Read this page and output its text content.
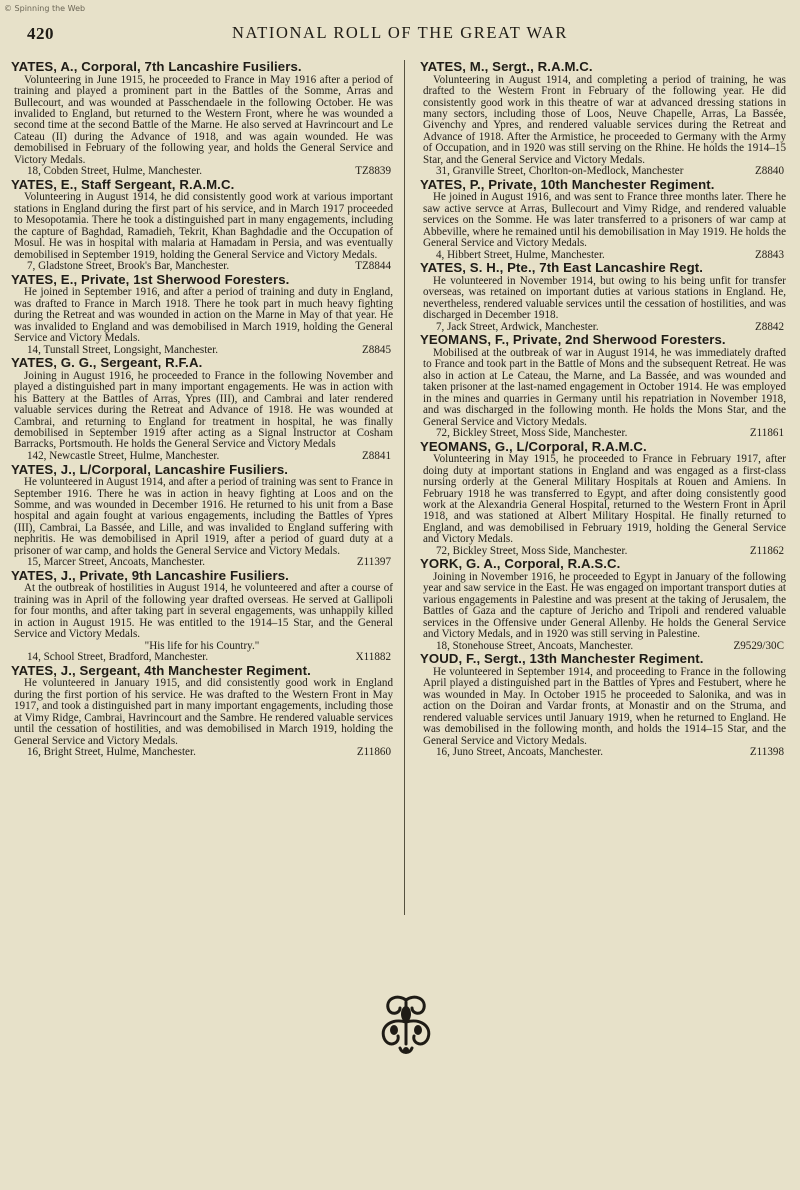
© Spinning the Web
420	NATIONAL ROLL OF THE GREAT WAR
YATES, A., Corporal, 7th Lancashire Fusiliers.

Volunteering in June 1915, he proceeded to France in May 1916 after a period of training and played a prominent part in the Battles of the Somme, Arras and Bullecourt, and was wounded at Passchendaele in the following October. He was invalided to England, but returned to the Western Front, where he was wounded a second time at the second Battle of the Marne. He also served at Havrincourt and Le Cateau (II) during the Advance of 1918, and was again wounded. He was demobilised in February of the following year, and holds the General Service and Victory Medals.

18, Cobden Street, Hulme, Manchester.	TZ8839
YATES, E., Staff Sergeant, R.A.M.C.

Volunteering in August 1914, he did consistently good work at various important stations in England during the first part of his service, and in March 1917 proceeded to Mesopotamia. There he took a distinguished part in many engagements, including the capture of Baghdad, Ramadieh, Tekrit, Khan Baghdadie and the Occupation of Mosul. He was in hospital with malaria at Hamadam in Persia, and was eventually demobilised in September 1919, holding the General Service and Victory Medals.

7, Gladstone Street, Brook's Bar, Manchester.	TZ8844
YATES, E., Private, 1st Sherwood Foresters.

He joined in September 1916, and after a period of training and duty in England, was drafted to France in March 1918. There he took part in much heavy fighting during the Retreat and was wounded in action on the Marne in May of that year. He was invalided to England and was demobilised in March 1919, holding the General Service and Victory Medals.

14, Tunstall Street, Longsight, Manchester.	Z8845
YATES, G. G., Sergeant, R.F.A.

Joining in August 1916, he proceeded to France in the following November and played a distinguished part in many important engagements. He was in action with his Battery at the Battles of Arras, Ypres (III), and Cambrai and later rendered valuable services during the Retreat and Advance of 1918. He was wounded at Cambrai, and returning to England for treatment in hospital, he was finally demobilised in September 1919 after acting as a Signal Instructor at Cosham Barracks, Portsmouth. He holds the General Service and Victory Medals

142, Newcastle Street, Hulme, Manchester.	Z8841
YATES, J., L/Corporal, Lancashire Fusiliers.

He volunteered in August 1914, and after a period of training was sent to France in September 1916. There he was in action in heavy fighting at Loos and on the Somme, and was wounded in December 1916. He returned to his unit from a Base hospital and again fought at various engagements, including the Battles of Ypres (III), Cambrai, La Bassée, and Lille, and was invalided to England suffering with nephritis. He was demobilised in April 1919, after a period of guard duty at a prisoner of war camp, and holds the General Service and Victory Medals.

15, Marcer Street, Ancoats, Manchester.	Z11397
YATES, J., Private, 9th Lancashire Fusiliers.

At the outbreak of hostilities in August 1914, he volunteered and after a course of training was in April of the following year drafted overseas. He served at Gallipoli for four months, and after taking part in several engagements, was unhappily killed in action in August 1915. He was entitled to the 1914–15 Star, and the General Service and Victory Medals.

"His life for his Country."
14, School Street, Bradford, Manchester.	X11882
YATES, J., Sergeant, 4th Manchester Regiment.

He volunteered in January 1915, and did consistently good work in England during the first portion of his service. He was drafted to the Western Front in May 1917, and took a distinguished part in many important engagements, including those at Vimy Ridge, Cambrai, Havrincourt and the Sambre. He rendered valuable services until the cessation of hostilities, and was demobilised in March 1919, holding the General Service and Victory Medals.

16, Bright Street, Hulme, Manchester.	Z11860
YATES, M., Sergt., R.A.M.C.

Volunteering in August 1914, and completing a period of training, he was drafted to the Western Front in February of the following year. He did consistently good work in this theatre of war at advanced dressing stations in many sectors, including those of Loos, Neuve Chapelle, Arras, La Bassée, Givenchy and Ypres, and rendered valuable services during the Retreat and Advance of 1918. After the Armistice, he proceeded to Germany with the Army of Occupation, and in 1920 was still serving on the Rhine. He holds the 1914–15 Star, and the General Service and Victory Medals.

31, Granville Street, Chorlton-on-Medlock, Manchester	Z8840
YATES, P., Private, 10th Manchester Regiment.

He joined in August 1916, and was sent to France three months later. There he saw active servce at Arras, Bullecourt and Vimy Ridge, and rendered valuable services on the Somme. He was later transferred to a prisoners of war camp at Abbeville, where he remained until his demobilisation in May 1919. He holds the General Service and Victory Medals.

4, Hibbert Street, Hulme, Manchester.	Z8843
YATES, S. H., Pte., 7th East Lancashire Regt.

He volunteered in November 1914, but owing to his being unfit for transfer overseas, was retained on important duties at various stations in England. He, nevertheless, rendered valuable services until the cessation of hostilities, and was discharged in December 1918.

7, Jack Street, Ardwick, Manchester.	Z8842
YEOMANS, F., Private, 2nd Sherwood Foresters.

Mobilised at the outbreak of war in August 1914, he was immediately drafted to France and took part in the Battle of Mons and the subsequent Retreat. He was also in action at Le Cateau, the Marne, and La Bassée, and was wounded and taken prisoner at the last-named engagement in October 1914. He was employed in the mines and quarries in Germany until his repatriation in November 1918, and was discharged in the following month. He holds the Mons Star, and the General Service and Victory Medals.

72, Bickley Street, Moss Side, Manchester.	Z11861
YEOMANS, G., L/Corporal, R.A.M.C.

Volunteering in May 1915, he proceeded to France in February 1917, after doing duty at important stations in England and was engaged as a first-class nursing orderly at the General Military Hospitals at Rouen and Amiens. In February 1918 he was transferred to Egypt, and after doing consistently good work at the Alexandria General Hospital, returned to the Western Front in April 1918, and was stationed at Albert Military Hospital. He finally returned to England, and was demobilised in February 1919, holding the General Service and Victory Medals.

72, Bickley Street, Moss Side, Manchester.	Z11862
YORK, G. A., Corporal, R.A.S.C.

Joining in November 1916, he proceeded to Egypt in January of the following year and saw service in the East. He was engaged on important transport duties at various engagements in Palestine and was present at the taking of Jerusalem, the Battles of Gaza and the capture of Jericho and Tripoli and rendered valuable services in the Offensive under General Allenby. He holds the General Service and Victory Medals, and in 1920 was still serving in Palestine.

18, Stonehouse Street, Ancoats, Manchester.	Z9529/30C
YOUD, F., Sergt., 13th Manchester Regiment.

He volunteered in September 1914, and proceeding to France in the following April played a distinguished part in the Battles of Ypres and Festubert, where he was wounded in May. In October 1915 he proceeded to Salonika, and was in action on the Doiran and Vardar fronts, at Monastir and on the Struma, and rendered valuable services until January 1919, when he returned to England. He was demobilised in the following month, and holds the 1914–15 Star, and the General Service and Victory Medals.

16, Juno Street, Ancoats, Manchester.	Z11398
